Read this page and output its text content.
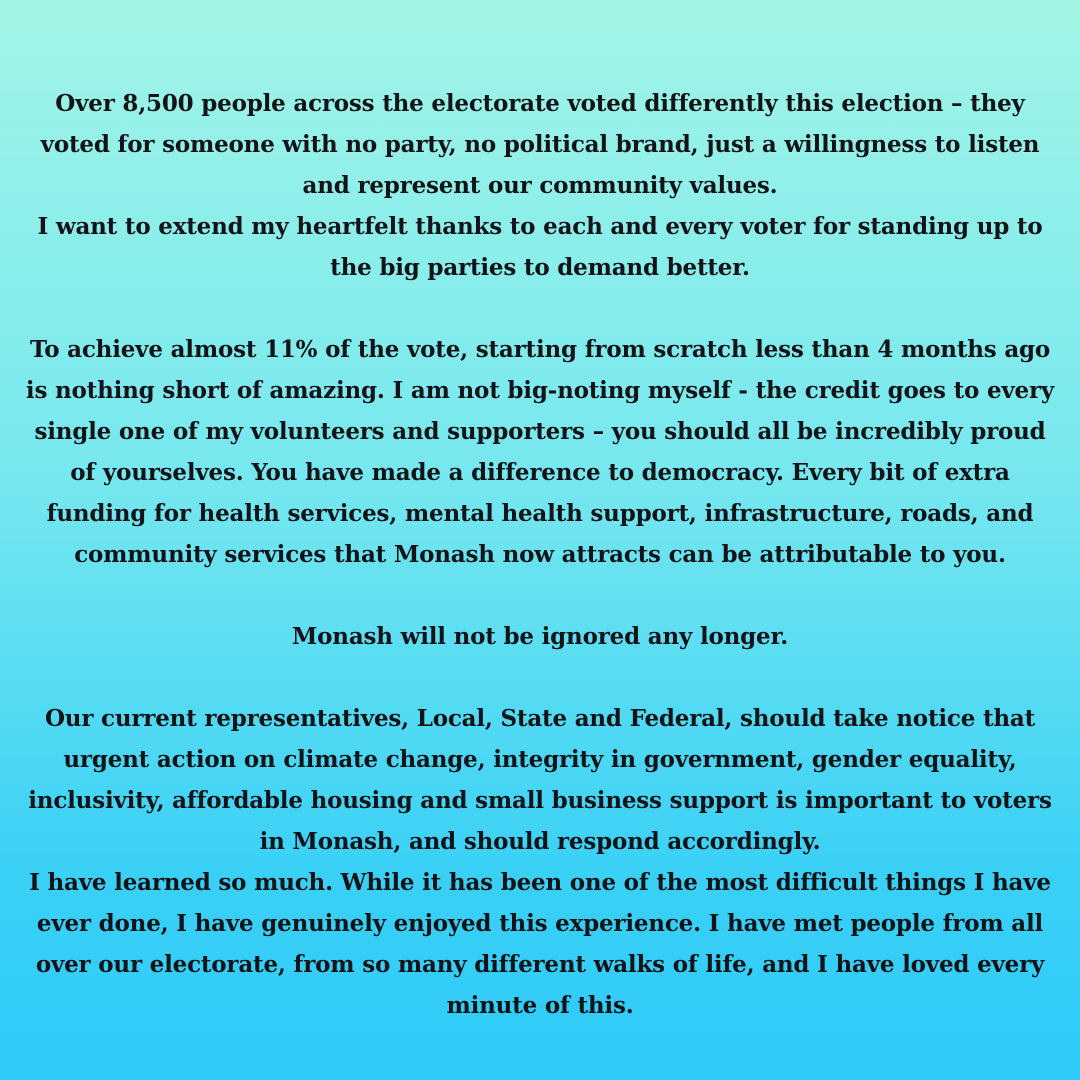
Over 8,500 people across the electorate voted differently this election – they voted for someone with no party, no political brand, just a willingness to listen and represent our community values.

I want to extend my heartfelt thanks to each and every voter for standing up to the big parties to demand better.

To achieve almost 11% of the vote, starting from scratch less than 4 months ago is nothing short of amazing. I am not big-noting myself - the credit goes to every single one of my volunteers and supporters – you should all be incredibly proud of yourselves. You have made a difference to democracy. Every bit of extra funding for health services, mental health support, infrastructure, roads, and community services that Monash now attracts can be attributable to you.

Monash will not be ignored any longer.

Our current representatives, Local, State and Federal, should take notice that urgent action on climate change, integrity in government, gender equality, inclusivity, affordable housing and small business support is important to voters in Monash, and should respond accordingly.

I have learned so much. While it has been one of the most difficult things I have ever done, I have genuinely enjoyed this experience. I have met people from all over our electorate, from so many different walks of life, and I have loved every minute of this.
